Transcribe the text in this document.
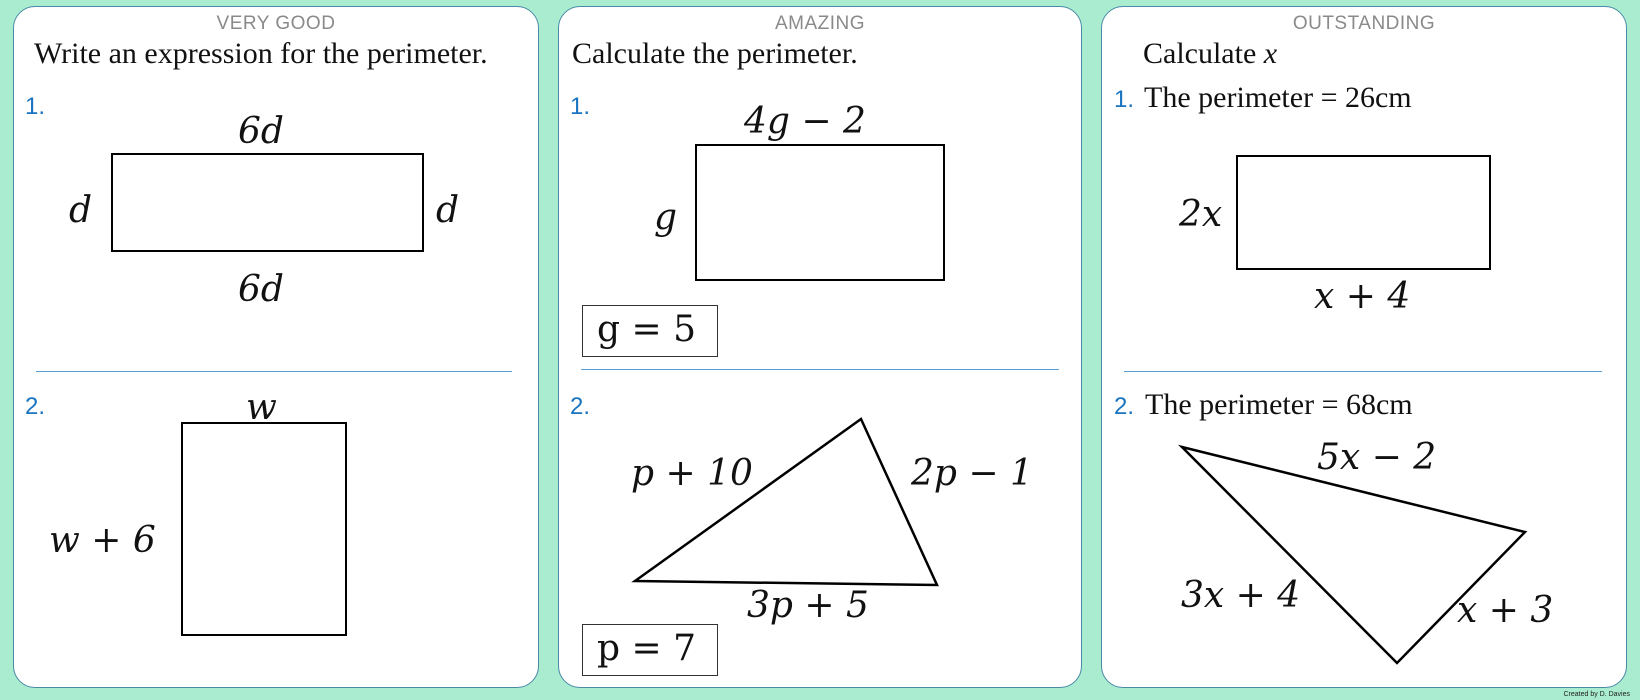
VERY GOOD
Write an expression for the perimeter.
1.
6d
d	d
6d
2.	w
w + 6
AMAZING
Calculate the perimeter.
1.	4g − 2
g
g = 5
2.
p + 10	2p − 1
3p + 5
p = 7
OUTSTANDING
Calculate x
1. The perimeter = 26cm
2x
x + 4
2. The perimeter = 68cm
5x − 2
3x + 4	x + 3
Created by D. Davies
